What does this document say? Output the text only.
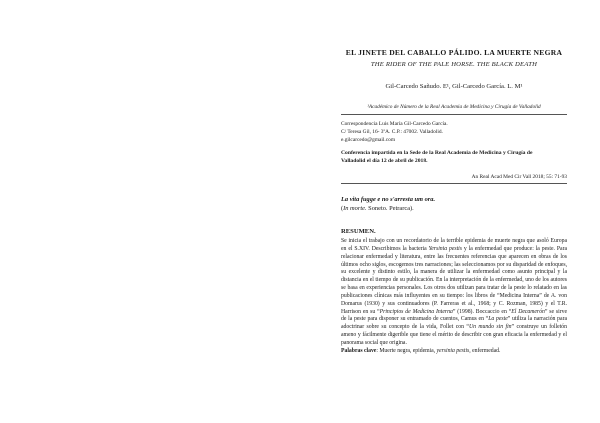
EL JINETE DEL CABALLO PÁLIDO. LA MUERTE NEGRA
THE RIDER OF THE PALE HORSE. THE BLACK DEATH
Gil-Carcedo Sañudo. E¹, Gil-Carcedo García. L. M¹
¹Académico de Número de la Real Academia de Medicina y Cirugía de Valladolid
Correspondencia Luis María Gil-Carcedo García.
C/ Teresa Gil, 16- 3ºA. C.P.: 47002. Valladolid.
e.gilcarcedo@gmail.com
Conferencia impartida en la Sede de la Real Academia de Medicina y Cirugía de
Valladolid el día 12 de abril de 2018.
An Real Acad Med Cir Vall 2018; 55: 71-93
La vita fugge e no s'arresta um ora.
(In morte. Soneto. Petrarca).
RESUMEN.

Se inicia el trabajo con un recordatorio de la terrible epidemia de muerte negra que asoló Europa en el S.XIV. Describimos la bacteria Yersinia pestis y la enfermedad que produce: la peste. Para relacionar enfermedad y literatura, entre las frecuentes referencias que aparecen en obras de los últimos ocho siglos, escogemos tres narraciones; las seleccionamos por su disparidad de enfoques, su excelente y distinto estilo, la manera de utilizar la enfermedad como asunto principal y la distancia en el tiempo de su publicación. En la interpretación de la enfermedad, uno de los autores se basa en experiencias personales. Los otros dos utilizan para tratar de la peste lo relatado en las publicaciones clínicas más influyentes en su tiempo: los libros de “Medicina Interna” de A. von Domarus (1930) y sus continuadores (P. Farreras et al., 1968; y C. Rozman, 1985) y el T.R. Harrison en su “Principios de Medicina Interna” (1998). Boccaccio en “El Decamerón” se sirve de la peste para disponer su entramado de cuentos, Camus en “La peste” utiliza la narración para adoctrinar sobre su concepto de la vida, Follet con “Un mundo sin fin” construye un folletón ameno y fácilmente digerible que tiene el mérito de describir con gran eficacia la enfermedad y el panorama social que origina.

Palabras clave: Muerte negra, epidemia, yersinia pestis, enfermedad.
